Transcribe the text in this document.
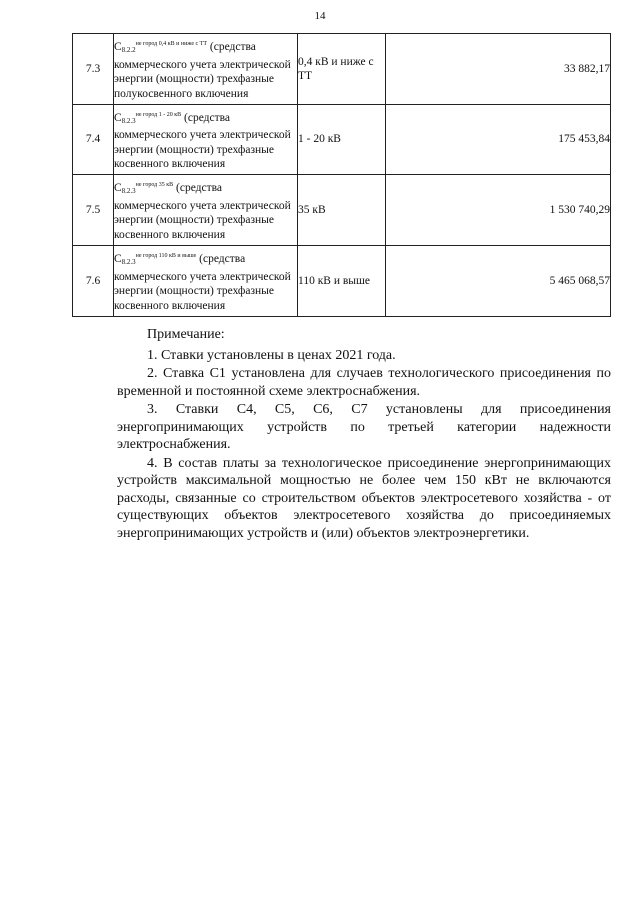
14
7.3	$С_{8.2.2}^{не город 0,4 кВ и ниже с ТТ}$ (средства коммерческого учета электрической энергии (мощности) трехфазные полукосвенного включения	0,4 кВ и ниже с ТТ	33 882,17
7.4	$С_{8.2.3}^{не город 1 - 20 кВ}$ (средства коммерческого учета электрической энергии (мощности) трехфазные косвенного включения	1 - 20 кВ	175 453,84
7.5	$С_{8.2.3}^{не город 35 кВ}$ (средства коммерческого учета электрической энергии (мощности) трехфазные косвенного включения	35 кВ	1 530 740,29
7.6	$С_{8.2.3}^{не город 110 кВ и выше}$ (средства коммерческого учета электрической энергии (мощности) трехфазные косвенного включения	110 кВ и выше	5 465 068,57
Примечание:

1. Ставки установлены в ценах 2021 года.

2. Ставка С1 установлена для случаев технологического присоединения по временной и постоянной схеме электроснабжения.

3. Ставки С4, С5, С6, С7 установлены для присоединения энергопринимающих устройств по третьей категории надежности электроснабжения.

4. В состав платы за технологическое присоединение энергопринимающих устройств максимальной мощностью не более чем 150 кВт не включаются расходы, связанные со строительством объектов электросетевого хозяйства - от существующих объектов электросетевого хозяйства до присоединяемых энергопринимающих устройств и (или) объектов электроэнергетики.
